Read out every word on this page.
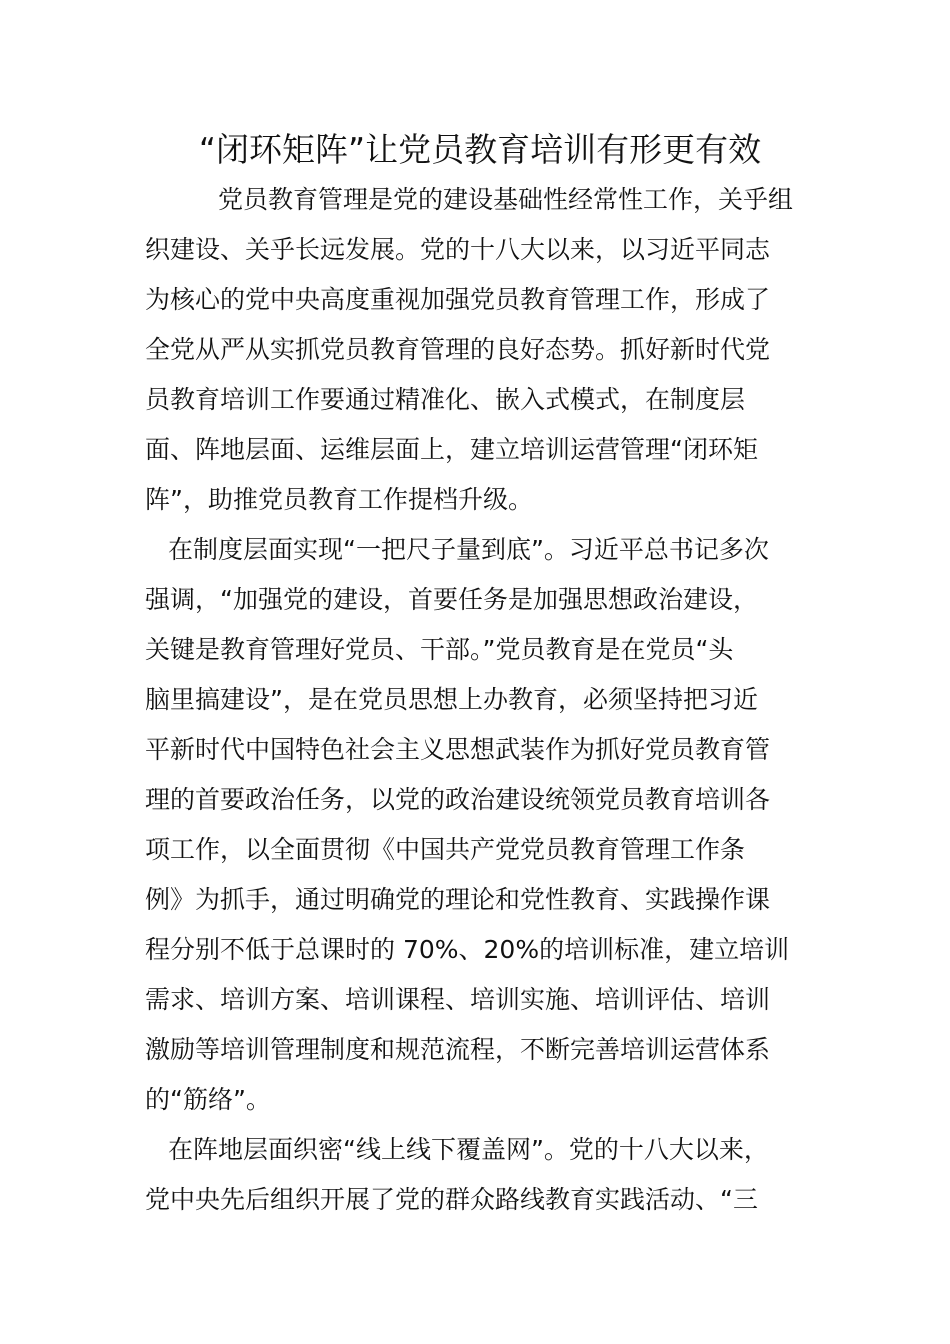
“闭环矩阵”让党员教育培训有形更有效

党员教育管理是党的建设基础性经常性工作，关乎组

织建设、关乎长远发展。党的十八大以来，以习近平同志

为核心的党中央高度重视加强党员教育管理工作，形成了

全党从严从实抓党员教育管理的良好态势。抓好新时代党

员教育培训工作要通过精准化、嵌入式模式，在制度层

面、阵地层面、运维层面上，建立培训运营管理“闭环矩

阵”，助推党员教育工作提档升级。

在制度层面实现“一把尺子量到底”。习近平总书记多次

强调，“加强党的建设，首要任务是加强思想政治建设，

关键是教育管理好党员、干部。”党员教育是在党员“头

脑里搞建设”，是在党员思想上办教育，必须坚持把习近

平新时代中国特色社会主义思想武装作为抓好党员教育管

理的首要政治任务，以党的政治建设统领党员教育培训各

项工作，以全面贯彻《中国共产党党员教育管理工作条

例》为抓手，通过明确党的理论和党性教育、实践操作课

程分别不低于总课时的 70%、20%的培训标准，建立培训

需求、培训方案、培训课程、培训实施、培训评估、培训

激励等培训管理制度和规范流程，不断完善培训运营体系

的“筋络”。

在阵地层面织密“线上线下覆盖网”。党的十八大以来，

党中央先后组织开展了党的群众路线教育实践活动、“三
